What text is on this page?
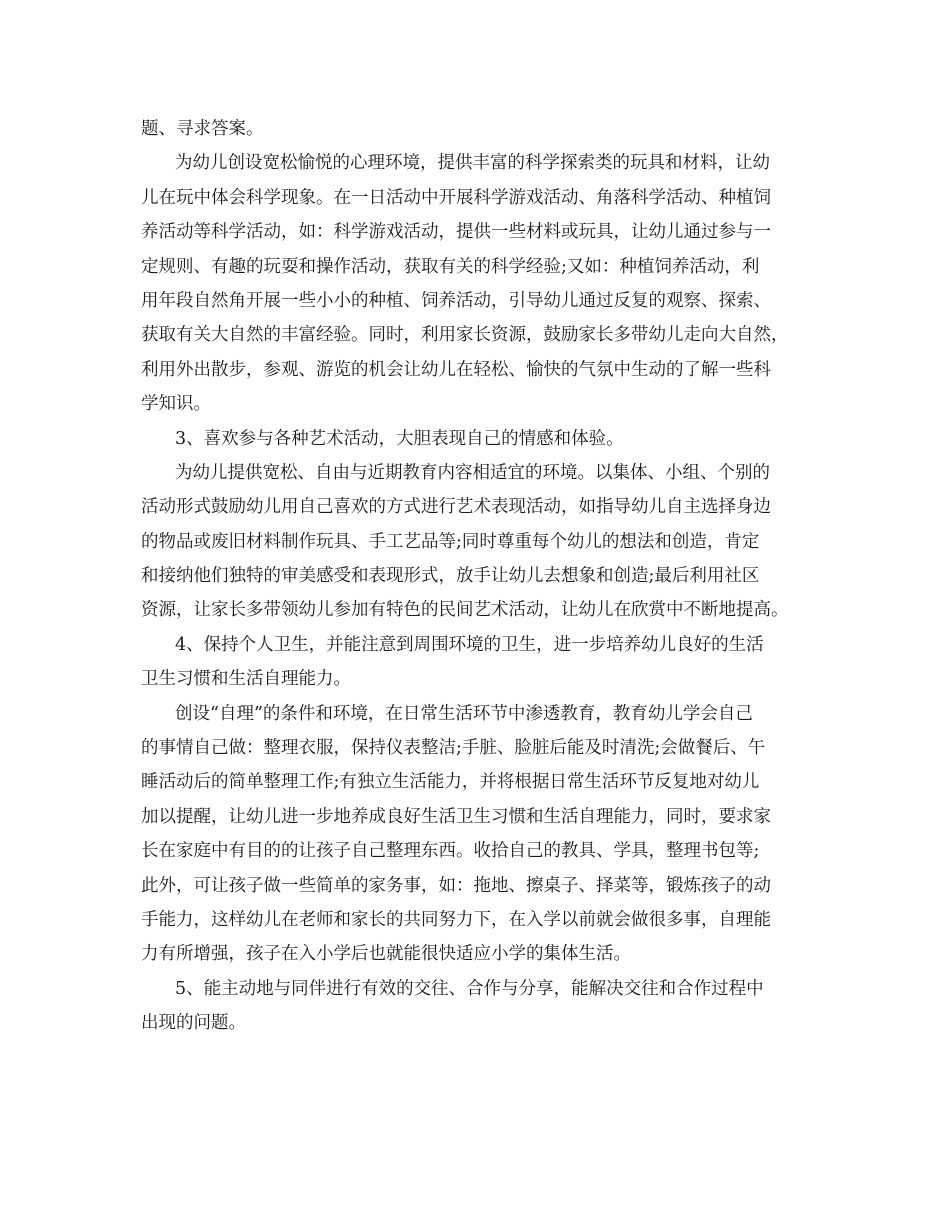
题、寻求答案。
为幼儿创设宽松愉悦的心理环境，提供丰富的科学探索类的玩具和材料，让幼
儿在玩中体会科学现象。在一日活动中开展科学游戏活动、角落科学活动、种植饲
养活动等科学活动，如：科学游戏活动，提供一些材料或玩具，让幼儿通过参与一
定规则、有趣的玩耍和操作活动，获取有关的科学经验;又如：种植饲养活动，利
用年段自然角开展一些小小的种植、饲养活动，引导幼儿通过反复的观察、探索、
获取有关大自然的丰富经验。同时，利用家长资源，鼓励家长多带幼儿走向大自然，
利用外出散步，参观、游览的机会让幼儿在轻松、愉快的气氛中生动的了解一些科
学知识。
3、喜欢参与各种艺术活动，大胆表现自己的情感和体验。
为幼儿提供宽松、自由与近期教育内容相适宜的环境。以集体、小组、个别的
活动形式鼓励幼儿用自己喜欢的方式进行艺术表现活动，如指导幼儿自主选择身边
的物品或废旧材料制作玩具、手工艺品等;同时尊重每个幼儿的想法和创造，肯定
和接纳他们独特的审美感受和表现形式，放手让幼儿去想象和创造;最后利用社区
资源，让家长多带领幼儿参加有特色的民间艺术活动，让幼儿在欣赏中不断地提高。
4、保持个人卫生，并能注意到周围环境的卫生，进一步培养幼儿良好的生活
卫生习惯和生活自理能力。
创设“自理”的条件和环境，在日常生活环节中渗透教育，教育幼儿学会自己
的事情自己做：整理衣服，保持仪表整洁;手脏、脸脏后能及时清洗;会做餐后、午
睡活动后的简单整理工作;有独立生活能力，并将根据日常生活环节反复地对幼儿
加以提醒，让幼儿进一步地养成良好生活卫生习惯和生活自理能力，同时，要求家
长在家庭中有目的的让孩子自己整理东西。收拾自己的教具、学具，整理书包等;
此外，可让孩子做一些简单的家务事，如：拖地、擦桌子、择菜等，锻炼孩子的动
手能力，这样幼儿在老师和家长的共同努力下，在入学以前就会做很多事，自理能
力有所增强，孩子在入小学后也就能很快适应小学的集体生活。
5、能主动地与同伴进行有效的交往、合作与分享，能解决交往和合作过程中
出现的问题。
